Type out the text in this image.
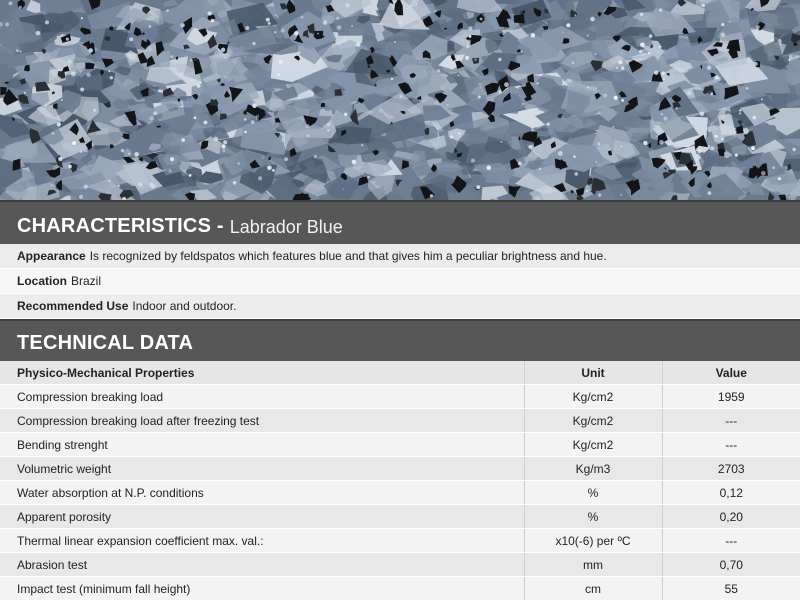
CHARACTERISTICS - Labrador Blue
Appearance Is recognized by feldspatos which features blue and that gives him a peculiar brightness and hue.
Location Brazil
Recommended Use Indoor and outdoor.
TECHNICAL DATA
Physico-Mechanical Properties	Unit	Value
Compression breaking load	Kg/cm2	1959
Compression breaking load after freezing test	Kg/cm2	---
Bending strenght	Kg/cm2	---
Volumetric weight	Kg/m3	2703
Water absorption at N.P. conditions	%	0,12
Apparent porosity	%	0,20
Thermal linear expansion coefficient max. val.:	x10(-6) per ºC	---
Abrasion test	mm	0,70
Impact test (minimum fall height)	cm	55
